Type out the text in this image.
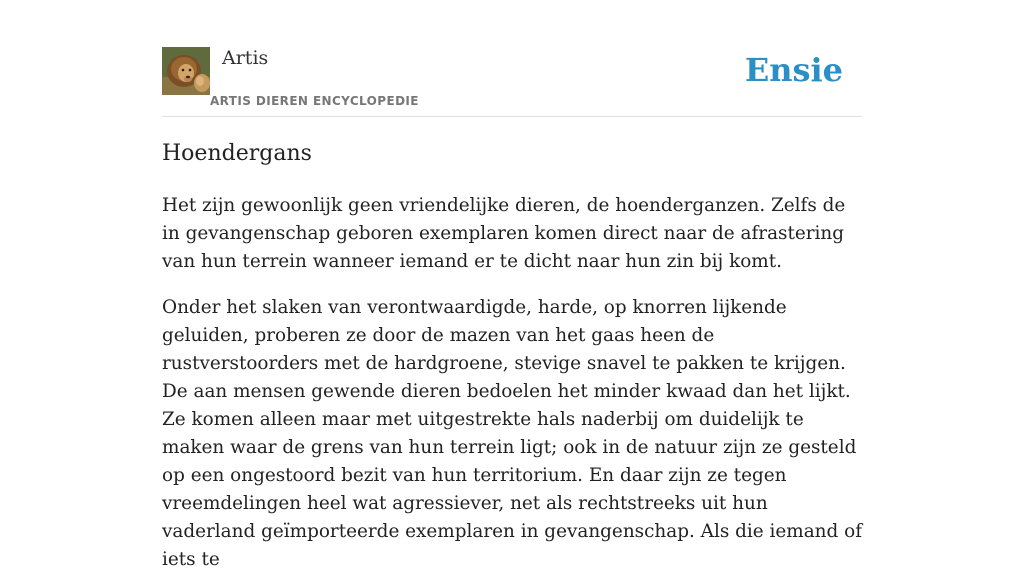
Artis
ARTIS DIEREN ENCYCLOPEDIE
Ensie
Hoendergans

Het zijn gewoonlijk geen vriendelijke dieren, de hoenderganzen. Zelfs de in gevangenschap geboren exemplaren komen direct naar de afrastering van hun terrein wanneer iemand er te dicht naar hun zin bij komt.

Onder het slaken van verontwaardigde, harde, op knorren lijkende geluiden, proberen ze door de mazen van het gaas heen de rustverstoorders met de hardgroene, stevige snavel te pakken te krijgen. De aan mensen gewende dieren bedoelen het minder kwaad dan het lijkt. Ze komen alleen maar met uitgestrekte hals naderbij om duidelijk te maken waar de grens van hun terrein ligt; ook in de natuur zijn ze gesteld op een ongestoord bezit van hun territorium. En daar zijn ze tegen vreemdelingen heel wat agressiever, net als rechtstreeks uit hun vaderland geïmporteerde exemplaren in gevangenschap. Als die iemand of iets te
